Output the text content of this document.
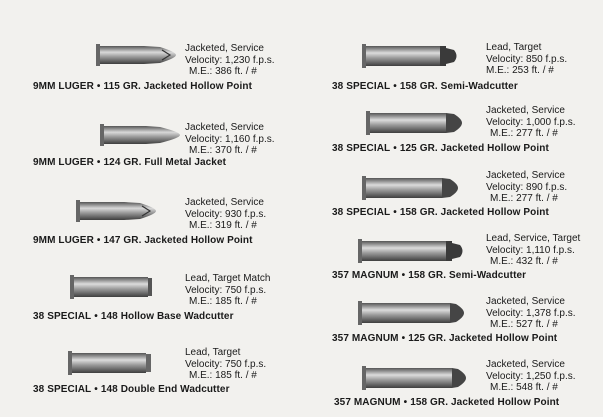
Jacketed, Service
Velocity: 1,230 f.p.s.
M.E.: 386 ft. / #
9MM LUGER • 115 GR. Jacketed Hollow Point
Jacketed, Service
Velocity: 1,160 f.p.s.
M.E.: 370 ft. / #
9MM LUGER • 124 GR. Full Metal Jacket
Jacketed, Service
Velocity: 930 f.p.s.
M.E.: 319 ft. / #
9MM LUGER • 147 GR. Jacketed Hollow Point
Lead, Target Match
Velocity: 750 f.p.s.
M.E.: 185 ft. / #
38 SPECIAL • 148 Hollow Base Wadcutter
Lead, Target
Velocity: 750 f.p.s.
M.E.: 185 ft. / #
38 SPECIAL • 148 Double End Wadcutter
Lead, Target
Velocity: 850 f.p.s.
M.E.: 253 ft. / #
38 SPECIAL • 158 GR. Semi-Wadcutter
Jacketed, Service
Velocity: 1,000 f.p.s.
M.E.: 277 ft. / #
38 SPECIAL • 125 GR. Jacketed Hollow Point
Jacketed, Service
Velocity: 890 f.p.s.
M.E.: 277 ft. / #
38 SPECIAL • 158 GR. Jacketed Hollow Point
Lead, Service, Target
Velocity: 1,110 f.p.s.
M.E.: 432 ft. / #
357 MAGNUM • 158 GR. Semi-Wadcutter
Jacketed, Service
Velocity: 1,378 f.p.s.
M.E.: 527 ft. / #
357 MAGNUM • 125 GR. Jacketed Hollow Point
Jacketed, Service
Velocity: 1,250 f.p.s.
M.E.: 548 ft. / #
357 MAGNUM • 158 GR. Jacketed Hollow Point
